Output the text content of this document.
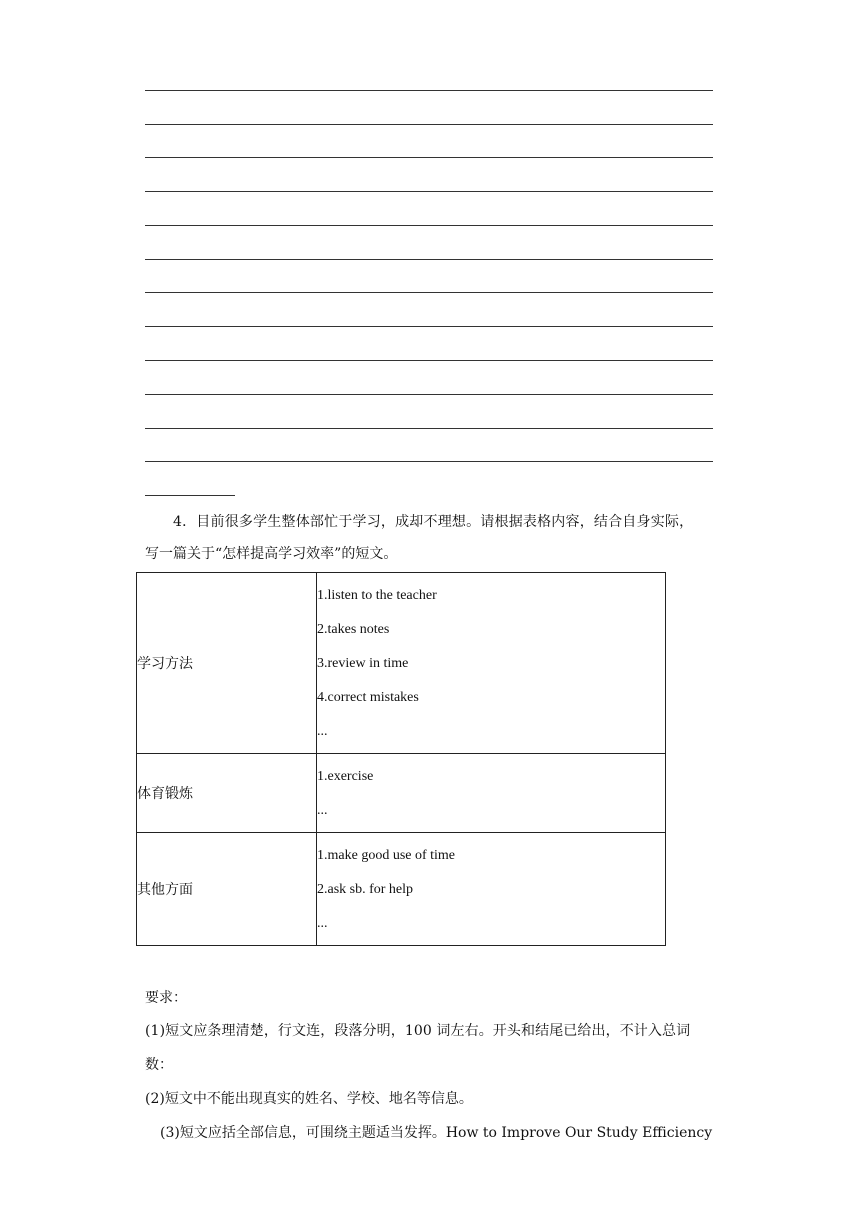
4．目前很多学生整体部忙于学习，成却不理想。请根据表格内容，结合自身实际，
写一篇关于“怎样提高学习效率”的短文。
学习方法	1.listen to the teacher
2.takes notes
3.review in time
4.correct mistakes
...

体育锻炼	1.exercise
...

其他方面	1.make good use of time
2.ask sb. for help
...
要求：
(1)短文应条理清楚，行文连，段落分明，100 词左右。开头和结尾已给出，不计入总词
数：
(2)短文中不能出现真实的姓名、学校、地名等信息。
(3)短文应括全部信息，可围绕主题适当发挥。How to Improve Our Study Efficiency
